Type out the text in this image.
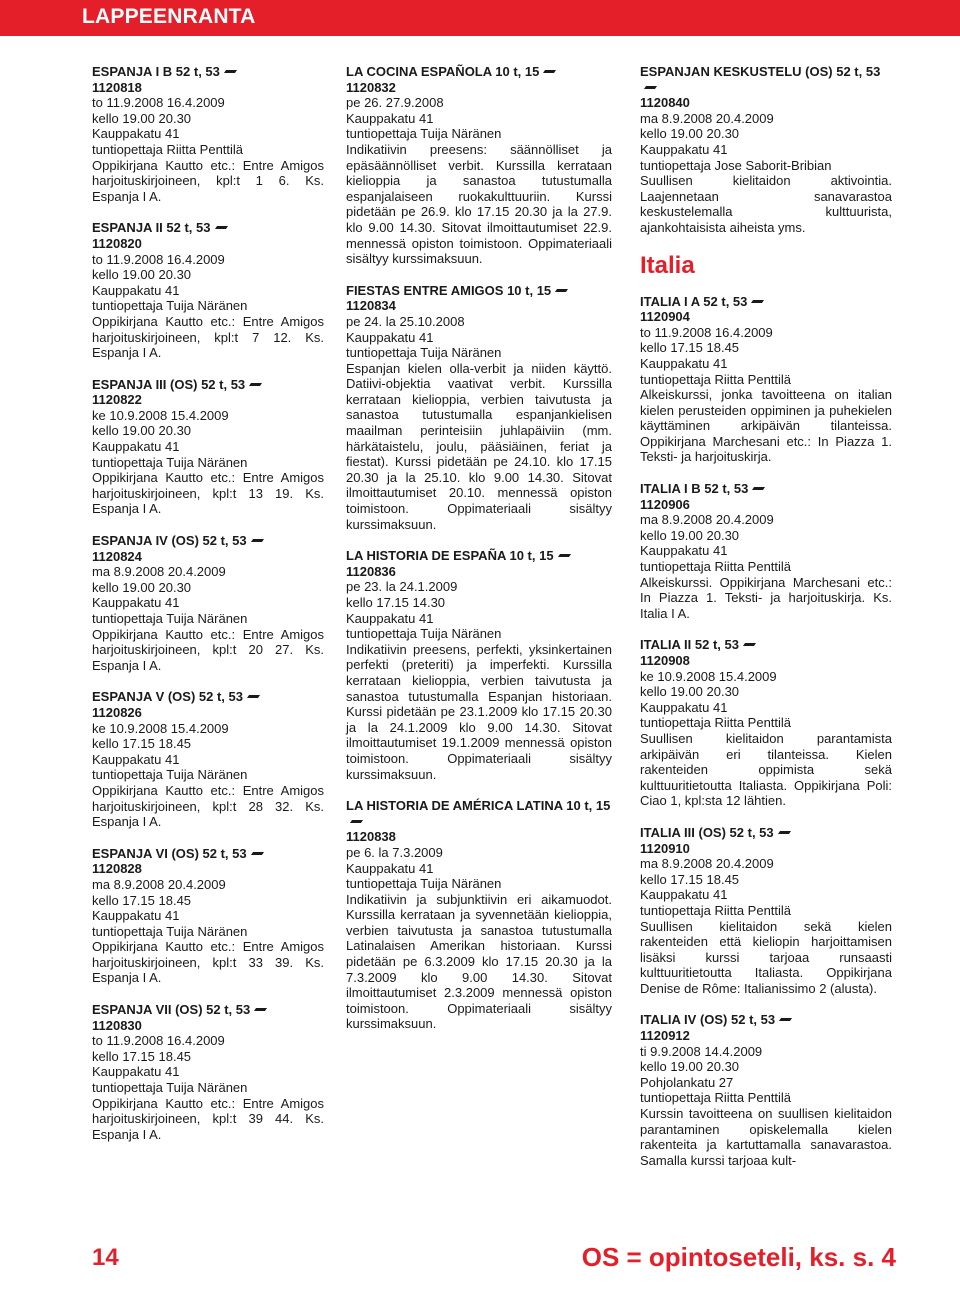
LAPPEENRANTA
ESPANJA I B 52 t, 53
1120818
to 11.9.2008 16.4.2009
kello 19.00 20.30
Kauppakatu 41
tuntiopettaja Riitta Penttilä
Oppikirjana Kautto etc.: Entre Amigos harjoituskirjoineen, kpl:t 1 6. Ks. Espanja I A.
ESPANJA II 52 t, 53
1120820
to 11.9.2008 16.4.2009
kello 19.00 20.30
Kauppakatu 41
tuntiopettaja Tuija Näränen
Oppikirjana Kautto etc.: Entre Amigos harjoituskirjoineen, kpl:t 7 12. Ks. Espanja I A.
ESPANJA III (OS) 52 t, 53
1120822
ke 10.9.2008 15.4.2009
kello 19.00 20.30
Kauppakatu 41
tuntiopettaja Tuija Näränen
Oppikirjana Kautto etc.: Entre Amigos harjoituskirjoineen, kpl:t 13 19. Ks. Espanja I A.
ESPANJA IV (OS) 52 t, 53
1120824
ma 8.9.2008 20.4.2009
kello 19.00 20.30
Kauppakatu 41
tuntiopettaja Tuija Näränen
Oppikirjana Kautto etc.: Entre Amigos harjoituskirjoineen, kpl:t 20 27. Ks. Espanja I A.
ESPANJA V (OS) 52 t, 53
1120826
ke 10.9.2008 15.4.2009
kello 17.15 18.45
Kauppakatu 41
tuntiopettaja Tuija Näränen
Oppikirjana Kautto etc.: Entre Amigos harjoituskirjoineen, kpl:t 28 32. Ks. Espanja I A.
ESPANJA VI (OS) 52 t, 53
1120828
ma 8.9.2008 20.4.2009
kello 17.15 18.45
Kauppakatu 41
tuntiopettaja Tuija Näränen
Oppikirjana Kautto etc.: Entre Amigos harjoituskirjoineen, kpl:t 33 39. Ks. Espanja I A.
ESPANJA VII (OS) 52 t, 53
1120830
to 11.9.2008 16.4.2009
kello 17.15 18.45
Kauppakatu 41
tuntiopettaja Tuija Näränen
Oppikirjana Kautto etc.: Entre Amigos harjoituskirjoineen, kpl:t 39 44. Ks. Espanja I A.
LA COCINA ESPAÑOLA 10 t, 15
1120832
pe 26. 27.9.2008
Kauppakatu 41
tuntiopettaja Tuija Näränen
Indikatiivin preesens: säännölliset ja epäsäännölliset verbit. Kurssilla kerrataan kielioppia ja sanastoa tutustumalla espanjalaiseen ruokakulttuuriin. Kurssi pidetään pe 26.9. klo 17.15 20.30 ja la 27.9. klo 9.00 14.30. Sitovat ilmoittautumiset 22.9. mennessä opiston toimistoon. Oppimateriaali sisältyy kurssimaksuun.
FIESTAS ENTRE AMIGOS 10 t, 15
1120834
pe 24. la 25.10.2008
Kauppakatu 41
tuntiopettaja Tuija Näränen
Espanjan kielen olla-verbit ja niiden käyttö. Datiivi-objektia vaativat verbit. Kurssilla kerrataan kielioppia, verbien taivutusta ja sanastoa tutustumalla espanjankielisen maailman perinteisiin juhlapäiviin (mm. härkätaistelu, joulu, pääsiäinen, feriat ja fiestat). Kurssi pidetään pe 24.10. klo 17.15 20.30 ja la 25.10. klo 9.00 14.30. Sitovat ilmoittautumiset 20.10. mennessä opiston toimistoon. Oppimateriaali sisältyy kurssimaksuun.
LA HISTORIA DE ESPAÑA 10 t, 15
1120836
pe 23. la 24.1.2009
kello 17.15 14.30
Kauppakatu 41
tuntiopettaja Tuija Näränen
Indikatiivin preesens, perfekti, yksinkertainen perfekti (preteriti) ja imperfekti. Kurssilla kerrataan kielioppia, verbien taivutusta ja sanastoa tutustumalla Espanjan historiaan. Kurssi pidetään pe 23.1.2009 klo 17.15 20.30 ja la 24.1.2009 klo 9.00 14.30. Sitovat ilmoittautumiset 19.1.2009 mennessä opiston toimistoon. Oppimateriaali sisältyy kurssimaksuun.
LA HISTORIA DE AMÉRICA LATINA 10 t, 15
1120838
pe 6. la 7.3.2009
Kauppakatu 41
tuntiopettaja Tuija Näränen
Indikatiivin ja subjunktiivin eri aikamuodot. Kurssilla kerrataan ja syvennetään kielioppia, verbien taivutusta ja sanastoa tutustumalla Latinalaisen Amerikan historiaan. Kurssi pidetään pe 6.3.2009 klo 17.15 20.30 ja la 7.3.2009 klo 9.00 14.30. Sitovat ilmoittautumiset 2.3.2009 mennessä opiston toimistoon. Oppimateriaali sisältyy kurssimaksuun.
ESPANJAN KESKUSTELU (OS) 52 t, 53
1120840
ma 8.9.2008 20.4.2009
kello 19.00 20.30
Kauppakatu 41
tuntiopettaja Jose Saborit-Bribian
Suullisen kielitaidon aktivointia. Laajennetaan sanavarastoa keskustelemalla kulttuurista, ajankohtaisista aiheista yms.
Italia
ITALIA I A 52 t, 53
1120904
to 11.9.2008 16.4.2009
kello 17.15 18.45
Kauppakatu 41
tuntiopettaja Riitta Penttilä
Alkeiskurssi, jonka tavoitteena on italian kielen perusteiden oppiminen ja puhekielen käyttäminen arkipäivän tilanteissa. Oppikirjana Marchesani etc.: In Piazza 1. Teksti- ja harjoituskirja.
ITALIA I B 52 t, 53
1120906
ma 8.9.2008 20.4.2009
kello 19.00 20.30
Kauppakatu 41
tuntiopettaja Riitta Penttilä
Alkeiskurssi. Oppikirjana Marchesani etc.: In Piazza 1. Teksti- ja harjoituskirja. Ks. Italia I A.
ITALIA II 52 t, 53
1120908
ke 10.9.2008 15.4.2009
kello 19.00 20.30
Kauppakatu 41
tuntiopettaja Riitta Penttilä
Suullisen kielitaidon parantamista arkipäivän eri tilanteissa. Kielen rakenteiden oppimista sekä kulttuuritietoutta Italiasta. Oppikirjana Poli: Ciao 1, kpl:sta 12 lähtien.
ITALIA III (OS) 52 t, 53
1120910
ma 8.9.2008 20.4.2009
kello 17.15 18.45
Kauppakatu 41
tuntiopettaja Riitta Penttilä
Suullisen kielitaidon sekä kielen rakenteiden että kieliopin harjoittamisen lisäksi kurssi tarjoaa runsaasti kulttuuritietoutta Italiasta. Oppikirjana Denise de Rôme: Italianissimo 2 (alusta).
ITALIA IV (OS) 52 t, 53
1120912
ti 9.9.2008 14.4.2009
kello 19.00 20.30
Pohjolankatu 27
tuntiopettaja Riitta Penttilä
Kurssin tavoitteena on suullisen kielitaidon parantaminen opiskelemalla kielen rakenteita ja kartuttamalla sanavarastoa. Samalla kurssi tarjoaa kult-
14	OS = opintoseteli, ks. s. 4
